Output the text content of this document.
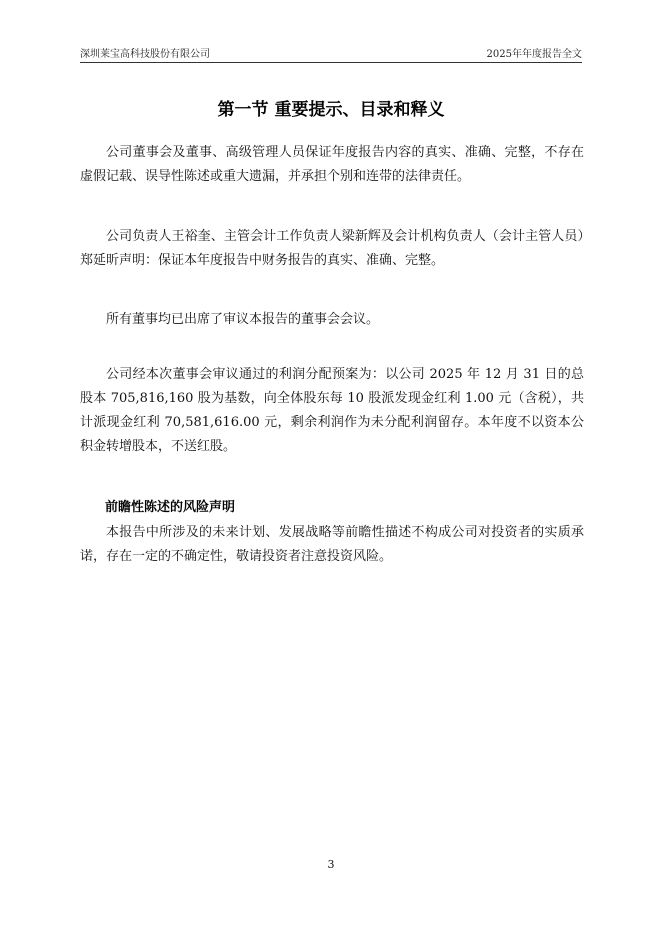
深圳莱宝高科技股份有限公司	2025年年度报告全文
第一节 重要提示、目录和释义

公司董事会及董事、高级管理人员保证年度报告内容的真实、准确、完整，不存在虚假记载、误导性陈述或重大遗漏，并承担个别和连带的法律责任。

公司负责人王裕奎、主管会计工作负责人梁新辉及会计机构负责人（会计主管人员）郑延昕声明：保证本年度报告中财务报告的真实、准确、完整。

所有董事均已出席了审议本报告的董事会会议。

公司经本次董事会审议通过的利润分配预案为：以公司 2025 年 12 月 31 日的总股本 705,816,160 股为基数，向全体股东每 10 股派发现金红利 1.00 元（含税），共计派现金红利 70,581,616.00 元，剩余利润作为未分配利润留存。本年度不以资本公积金转增股本，不送红股。

前瞻性陈述的风险声明

本报告中所涉及的未来计划、发展战略等前瞻性描述不构成公司对投资者的实质承诺，存在一定的不确定性，敬请投资者注意投资风险。

3
